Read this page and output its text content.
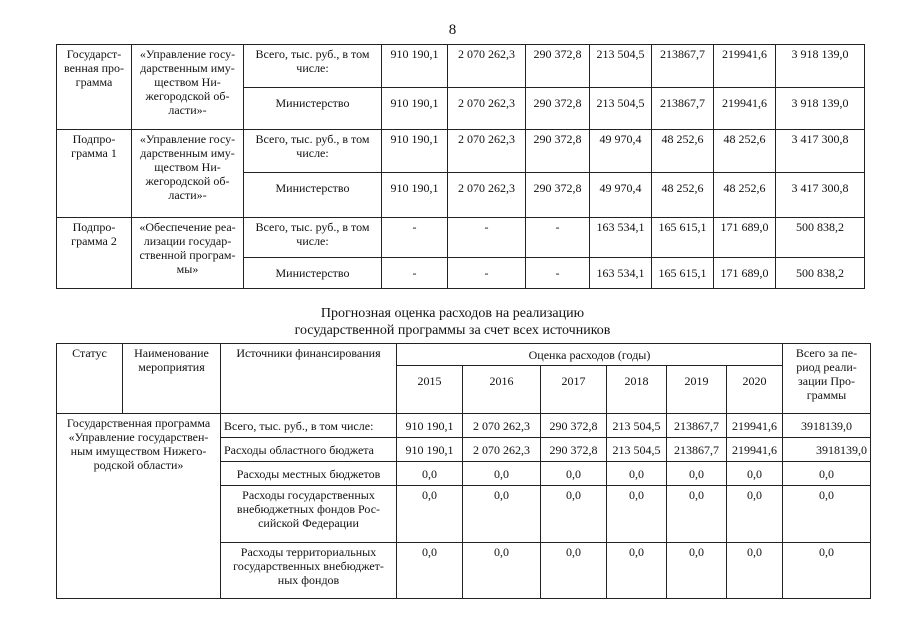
8
Государст-венная про-грамма	«Управление госу-дарственным иму-ществом Ни-жегородской об-ласти»-	Всего, тыс. руб., в том числе:	910 190,1	2 070 262,3	290 372,8	213 504,5	213867,7	219941,6	3 918 139,0
		Министерство	910 190,1	2 070 262,3	290 372,8	213 504,5	213867,7	219941,6	3 918 139,0
Подпро-грамма 1	«Управление госу-дарственным иму-ществом Ни-жегородской об-ласти»-	Всего, тыс. руб., в том числе:	910 190,1	2 070 262,3	290 372,8	49 970,4	48 252,6	48 252,6	3 417 300,8
		Министерство	910 190,1	2 070 262,3	290 372,8	49 970,4	48 252,6	48 252,6	3 417 300,8
Подпро-грамма 2	«Обеспечение реа-лизации государ-ственной програм-мы»	Всего, тыс. руб., в том числе:	-	-	-	163 534,1	165 615,1	171 689,0	500 838,2
		Министерство	-	-	-	163 534,1	165 615,1	171 689,0	500 838,2
Прогнозная оценка расходов на реализацию
государственной программы за счет всех источников
Статус	Наименование мероприятия	Источники финансирования	Оценка расходов (годы)						Всего за пе-риод реали-зации Про-граммы
			2015	2016	2017	2018	2019	2020	
Государственная программа «Управление государствен-ным имуществом Нижего-родской области»		Всего, тыс. руб., в том числе:	910 190,1	2 070 262,3	290 372,8	213 504,5	213867,7	219941,6	3918139,0
		Расходы областного бюджета	910 190,1	2 070 262,3	290 372,8	213 504,5	213867,7	219941,6	3918139,0
		Расходы местных бюджетов	0,0	0,0	0,0	0,0	0,0	0,0	0,0
		Расходы государственных внебюджетных фондов Рос-сийской Федерации	0,0	0,0	0,0	0,0	0,0	0,0	0,0
		Расходы территориальных государственных внебюджет-ных фондов	0,0	0,0	0,0	0,0	0,0	0,0	0,0
